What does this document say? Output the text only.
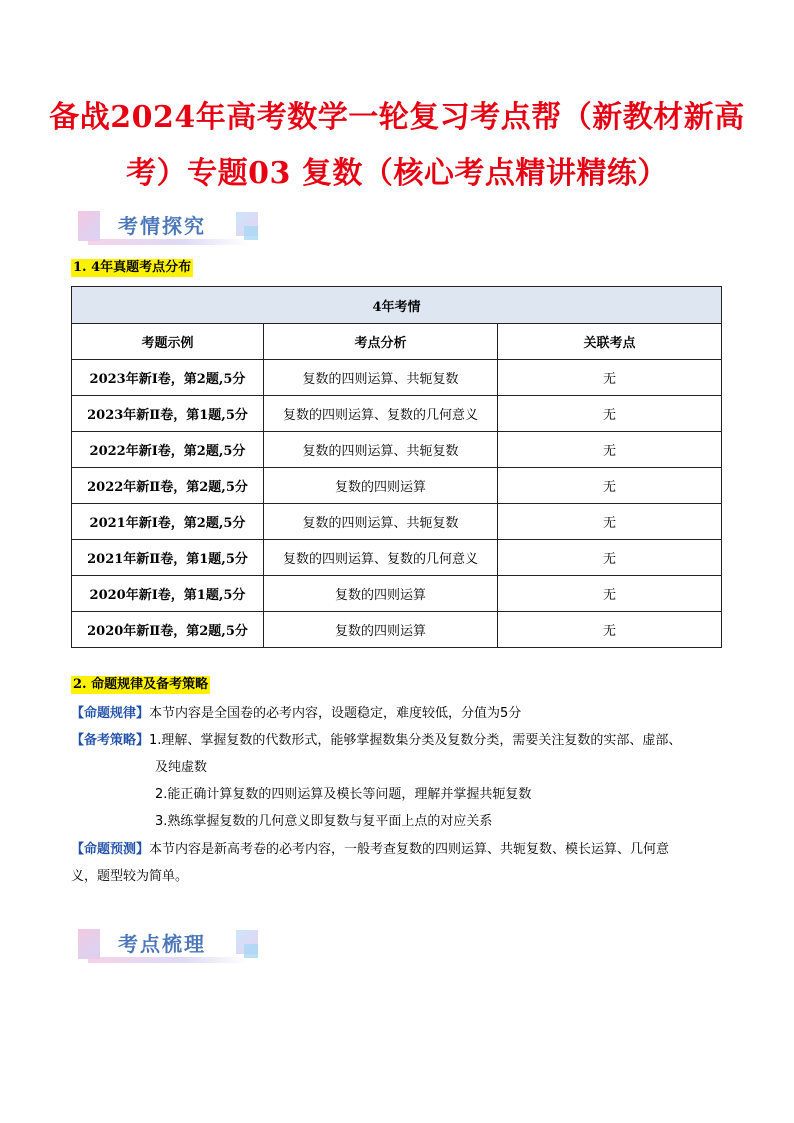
备战2024年高考数学一轮复习考点帮（新教材新高
考）专题03 复数（核心考点精讲精练）
考情探究
1. 4年真题考点分布
4年考情		
考题示例	考点分析	关联考点
2023年新I卷，第2题,5分	复数的四则运算、共轭复数	无
2023年新Ⅱ卷，第1题,5分	复数的四则运算、复数的几何意义	无
2022年新I卷，第2题,5分	复数的四则运算、共轭复数	无
2022年新Ⅱ卷，第2题,5分	复数的四则运算	无
2021年新I卷，第2题,5分	复数的四则运算、共轭复数	无
2021年新Ⅱ卷，第1题,5分	复数的四则运算、复数的几何意义	无
2020年新I卷，第1题,5分	复数的四则运算	无
2020年新Ⅱ卷，第2题,5分	复数的四则运算	无
2. 命题规律及备考策略
【命题规律】本节内容是全国卷的必考内容，设题稳定，难度较低，分值为5分
【备考策略】1.理解、掌握复数的代数形式，能够掌握数集分类及复数分类，需要关注复数的实部、虚部、
及纯虚数
2.能正确计算复数的四则运算及模长等问题，理解并掌握共轭复数
3.熟练掌握复数的几何意义即复数与复平面上点的对应关系
【命题预测】本节内容是新高考卷的必考内容，一般考查复数的四则运算、共轭复数、模长运算、几何意
义，题型较为简单。
考点梳理
